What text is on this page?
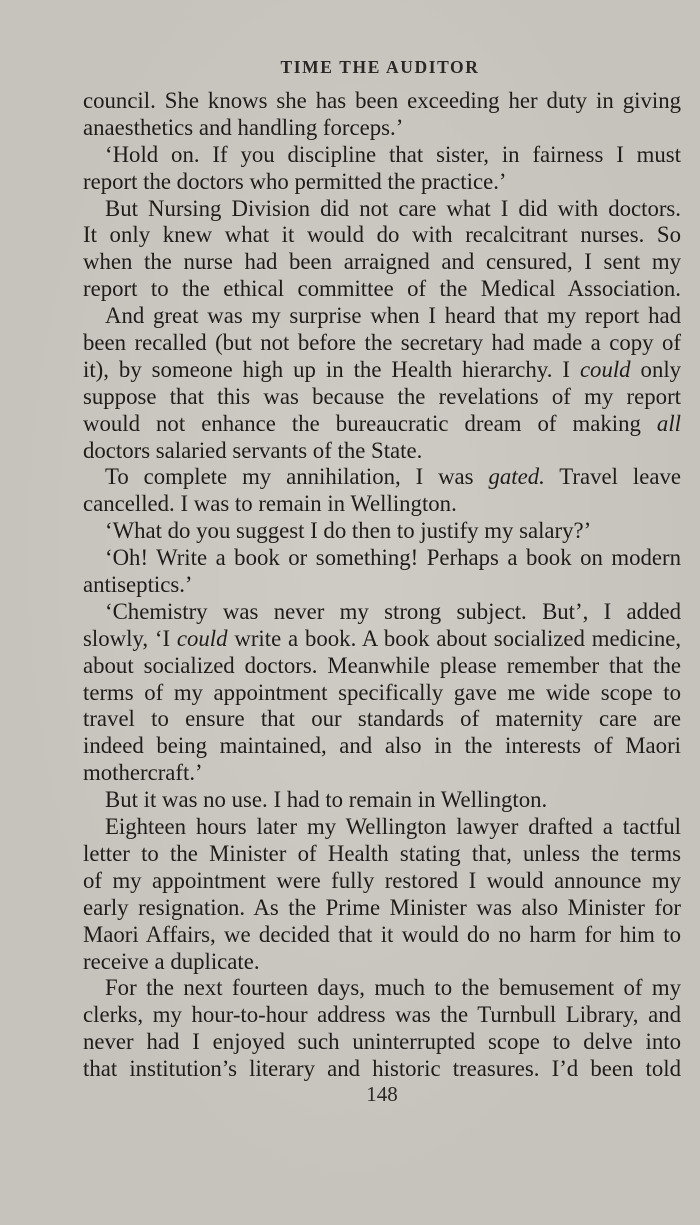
TIME THE AUDITOR
council. She knows she has been exceeding her duty in giving
anaesthetics and handling forceps.’
‘Hold on. If you discipline that sister, in fairness I must
report the doctors who permitted the practice.’
But Nursing Division did not care what I did with doctors.
It only knew what it would do with recalcitrant nurses. So
when the nurse had been arraigned and censured, I sent my
report to the ethical committee of the Medical Association.
And great was my surprise when I heard that my report had
been recalled (but not before the secretary had made a copy of
it), by someone high up in the Health hierarchy. I could only
suppose that this was because the revelations of my report
would not enhance the bureaucratic dream of making all
doctors salaried servants of the State.
To complete my annihilation, I was gated. Travel leave
cancelled. I was to remain in Wellington.
‘What do you suggest I do then to justify my salary?’
‘Oh! Write a book or something! Perhaps a book on modern
antiseptics.’
‘Chemistry was never my strong subject. But’, I added
slowly, ‘I could write a book. A book about socialized medicine,
about socialized doctors. Meanwhile please remember that the
terms of my appointment specifically gave me wide scope to
travel to ensure that our standards of maternity care are
indeed being maintained, and also in the interests of Maori
mothercraft.’
But it was no use. I had to remain in Wellington.
Eighteen hours later my Wellington lawyer drafted a tactful
letter to the Minister of Health stating that, unless the terms
of my appointment were fully restored I would announce my
early resignation. As the Prime Minister was also Minister for
Maori Affairs, we decided that it would do no harm for him to
receive a duplicate.
For the next fourteen days, much to the bemusement of my
clerks, my hour-to-hour address was the Turnbull Library, and
never had I enjoyed such uninterrupted scope to delve into
that institution’s literary and historic treasures. I’d been told
148
